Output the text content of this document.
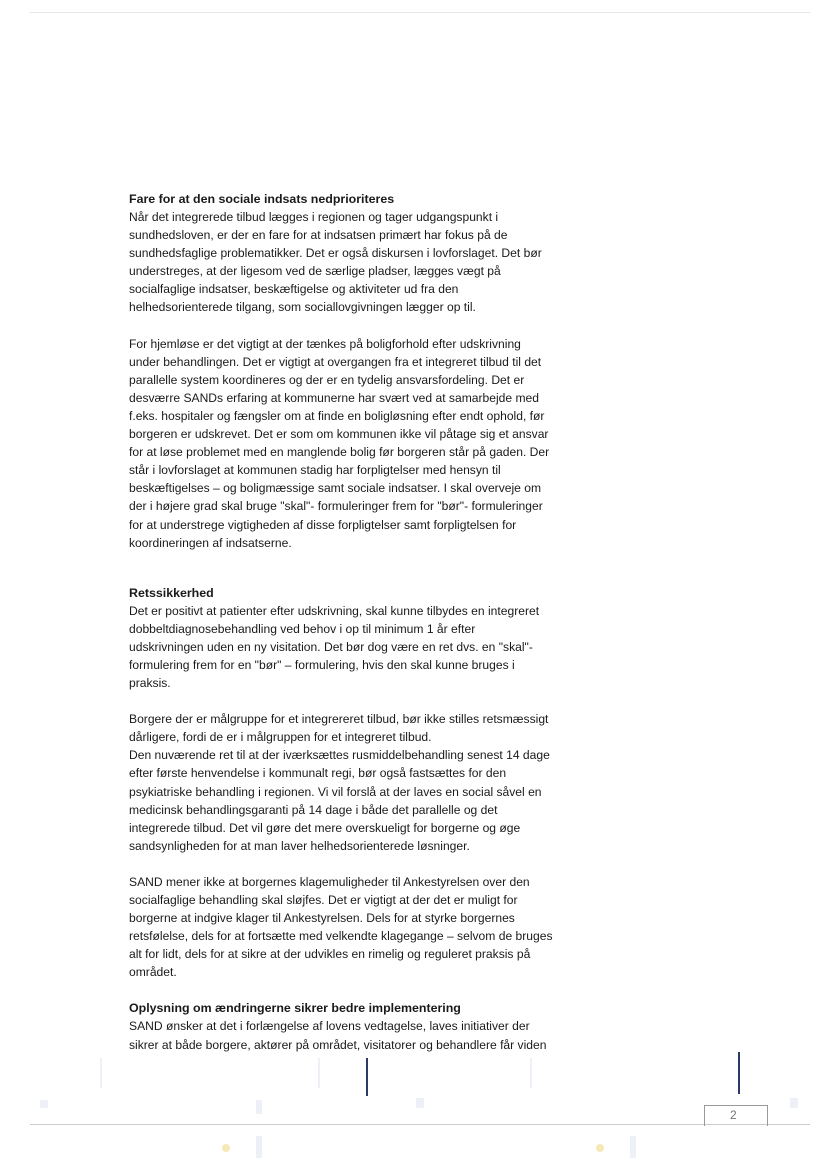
Fare for at den sociale indsats nedprioriteres

Når det integrerede tilbud lægges i regionen og tager udgangspunkt i
sundhedsloven, er der en fare for at indsatsen primært har fokus på de
sundhedsfaglige problematikker. Det er også diskursen i lovforslaget. Det bør
understreges, at der ligesom ved de særlige pladser, lægges vægt på
socialfaglige indsatser, beskæftigelse og aktiviteter ud fra den
helhedsorienterede tilgang, som sociallovgivningen lægger op til.

For hjemløse er det vigtigt at der tænkes på boligforhold efter udskrivning
under behandlingen. Det er vigtigt at overgangen fra et integreret tilbud til det
parallelle system koordineres og der er en tydelig ansvarsfordeling. Det er
desværre SANDs erfaring at kommunerne har svært ved at samarbejde med
f.eks. hospitaler og fængsler om at finde en boligløsning efter endt ophold, før
borgeren er udskrevet. Det er som om kommunen ikke vil påtage sig et ansvar
for at løse problemet med en manglende bolig før borgeren står på gaden. Der
står i lovforslaget at kommunen stadig har forpligtelser med hensyn til
beskæftigelses – og boligmæssige samt sociale indsatser. I skal overveje om
der i højere grad skal bruge "skal"- formuleringer frem for "bør"- formuleringer
for at understrege vigtigheden af disse forpligtelser samt forpligtelsen for
koordineringen af indsatserne.

Retssikkerhed

Det er positivt at patienter efter udskrivning, skal kunne tilbydes en integreret
dobbeltdiagnosebehandling ved behov i op til minimum 1 år efter
udskrivningen uden en ny visitation. Det bør dog være en ret dvs. en "skal"-
formulering frem for en "bør" – formulering, hvis den skal kunne bruges i
praksis.

Borgere der er målgruppe for et integrereret tilbud, bør ikke stilles retsmæssigt
dårligere, fordi de er i målgruppen for et integreret tilbud.
Den nuværende ret til at der iværksættes rusmiddelbehandling senest 14 dage
efter første henvendelse i kommunalt regi, bør også fastsættes for den
psykiatriske behandling i regionen. Vi vil forslå at der laves en social såvel en
medicinsk behandlingsgaranti på 14 dage i både det parallelle og det
integrerede tilbud. Det vil gøre det mere overskueligt for borgerne og øge
sandsynligheden for at man laver helhedsorienterede løsninger.

SAND mener ikke at borgernes klagemuligheder til Ankestyrelsen over den
socialfaglige behandling skal sløjfes. Det er vigtigt at der det er muligt for
borgerne at indgive klager til Ankestyrelsen. Dels for at styrke borgernes
retsfølelse, dels for at fortsætte med velkendte klagegange – selvom de bruges
alt for lidt, dels for at sikre at der udvikles en rimelig og reguleret praksis på
området.

Oplysning om ændringerne sikrer bedre implementering

SAND ønsker at det i forlængelse af lovens vedtagelse, laves initiativer der
sikrer at både borgere, aktører på området, visitatorer og behandlere får viden

2
